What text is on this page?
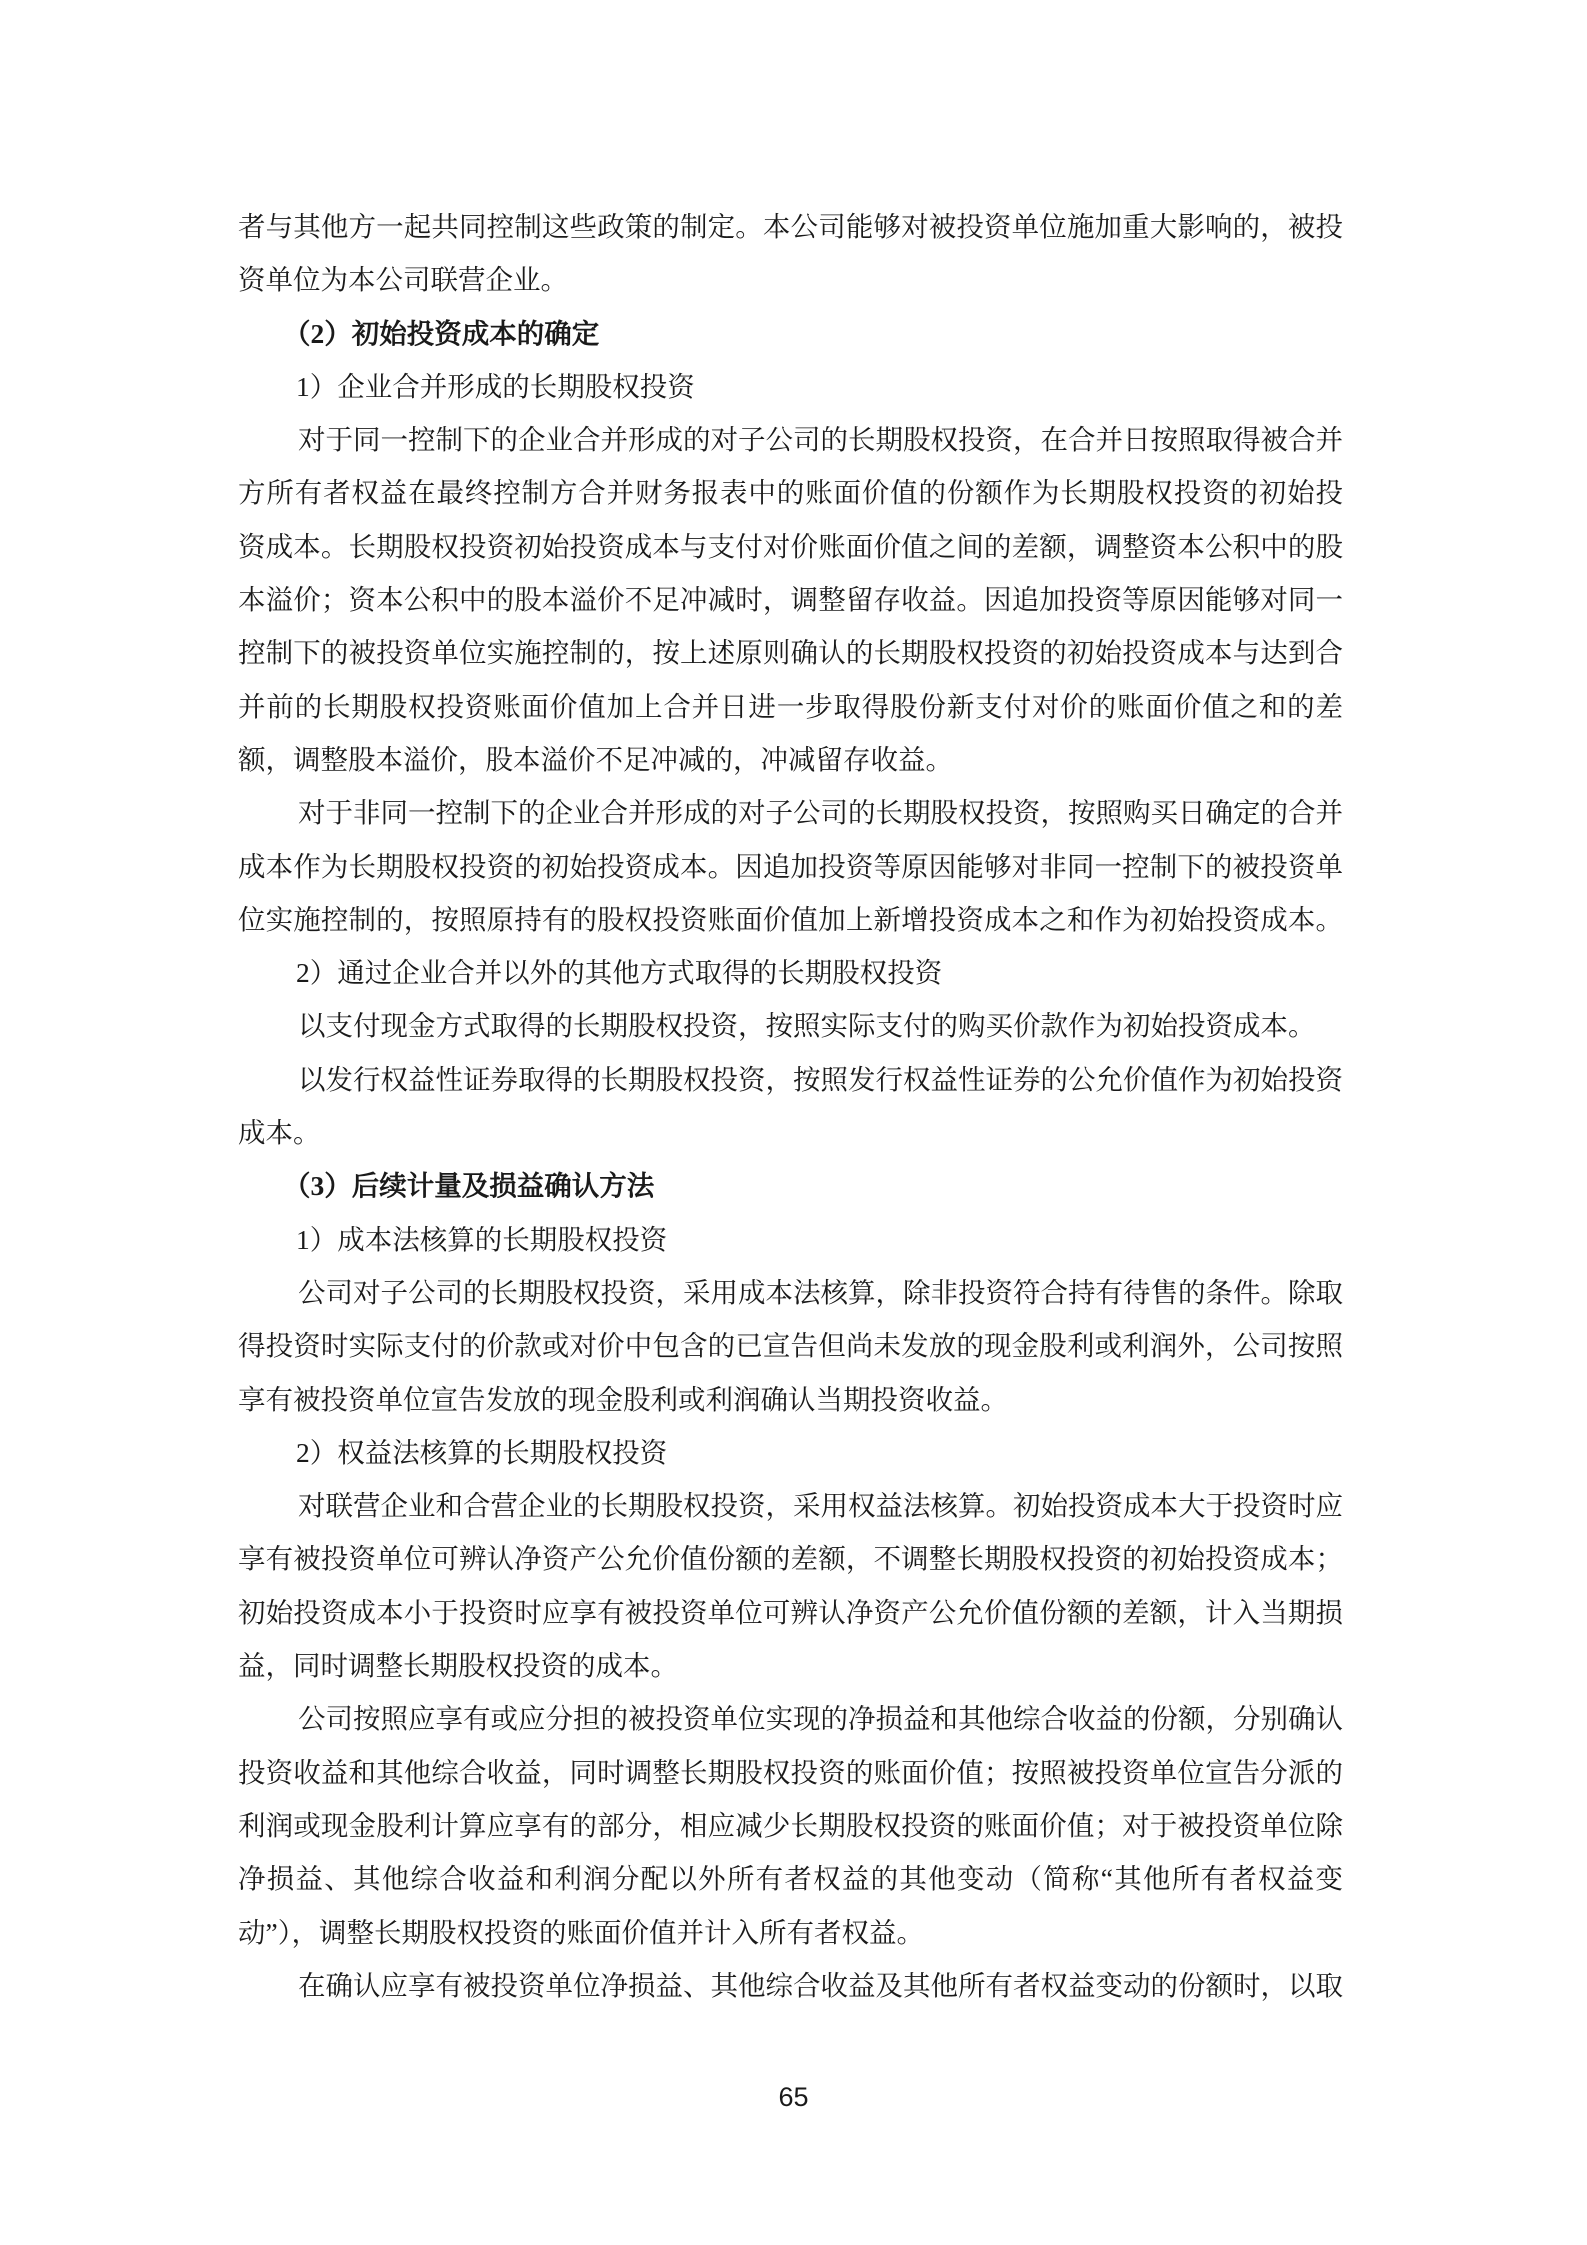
者与其他方一起共同控制这些政策的制定。本公司能够对被投资单位施加重大影响的，被投
资单位为本公司联营企业。
（2）初始投资成本的确定
1）企业合并形成的长期股权投资
对于同一控制下的企业合并形成的对子公司的长期股权投资，在合并日按照取得被合并
方所有者权益在最终控制方合并财务报表中的账面价值的份额作为长期股权投资的初始投
资成本。长期股权投资初始投资成本与支付对价账面价值之间的差额，调整资本公积中的股
本溢价；资本公积中的股本溢价不足冲减时，调整留存收益。因追加投资等原因能够对同一
控制下的被投资单位实施控制的，按上述原则确认的长期股权投资的初始投资成本与达到合
并前的长期股权投资账面价值加上合并日进一步取得股份新支付对价的账面价值之和的差
额，调整股本溢价，股本溢价不足冲减的，冲减留存收益。
对于非同一控制下的企业合并形成的对子公司的长期股权投资，按照购买日确定的合并
成本作为长期股权投资的初始投资成本。因追加投资等原因能够对非同一控制下的被投资单
位实施控制的，按照原持有的股权投资账面价值加上新增投资成本之和作为初始投资成本。
2）通过企业合并以外的其他方式取得的长期股权投资
以支付现金方式取得的长期股权投资，按照实际支付的购买价款作为初始投资成本。
以发行权益性证券取得的长期股权投资，按照发行权益性证券的公允价值作为初始投资
成本。
（3）后续计量及损益确认方法
1）成本法核算的长期股权投资
公司对子公司的长期股权投资，采用成本法核算，除非投资符合持有待售的条件。除取
得投资时实际支付的价款或对价中包含的已宣告但尚未发放的现金股利或利润外，公司按照
享有被投资单位宣告发放的现金股利或利润确认当期投资收益。
2）权益法核算的长期股权投资
对联营企业和合营企业的长期股权投资，采用权益法核算。初始投资成本大于投资时应
享有被投资单位可辨认净资产公允价值份额的差额，不调整长期股权投资的初始投资成本；
初始投资成本小于投资时应享有被投资单位可辨认净资产公允价值份额的差额，计入当期损
益，同时调整长期股权投资的成本。
公司按照应享有或应分担的被投资单位实现的净损益和其他综合收益的份额，分别确认
投资收益和其他综合收益，同时调整长期股权投资的账面价值；按照被投资单位宣告分派的
利润或现金股利计算应享有的部分，相应减少长期股权投资的账面价值；对于被投资单位除
净损益、其他综合收益和利润分配以外所有者权益的其他变动（简称“其他所有者权益变
动”），调整长期股权投资的账面价值并计入所有者权益。
在确认应享有被投资单位净损益、其他综合收益及其他所有者权益变动的份额时，以取
65
